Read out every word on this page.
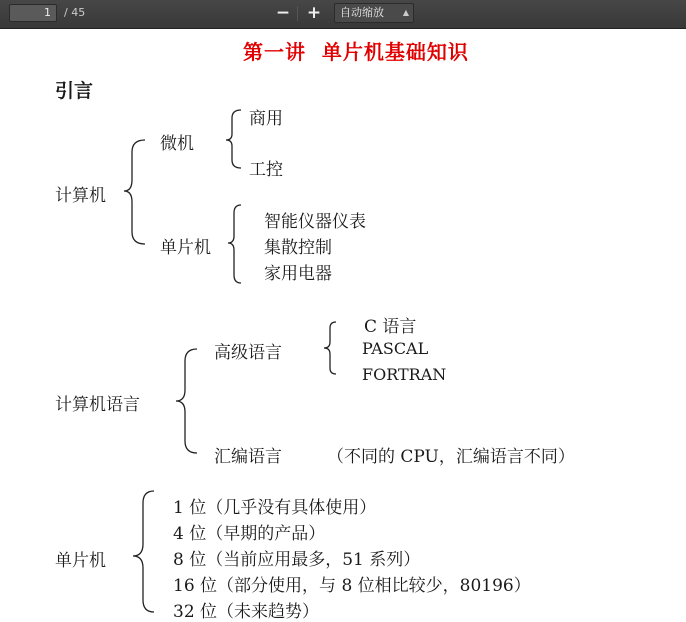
1	/ 45	− +	自动缩放 ▲

第一讲  单片机基础知识
引言
计算机
微机
商用
工控
单片机
智能仪器仪表
集散控制
家用电器
计算机语言
高级语言
C 语言
PASCAL
FORTRAN
汇编语言	（不同的 CPU，汇编语言不同）
单片机
1 位（几乎没有具体使用）
4 位（早期的产品）
8 位（当前应用最多，51 系列）
16 位（部分使用，与 8 位相比较少，80196）
32 位（未来趋势）
